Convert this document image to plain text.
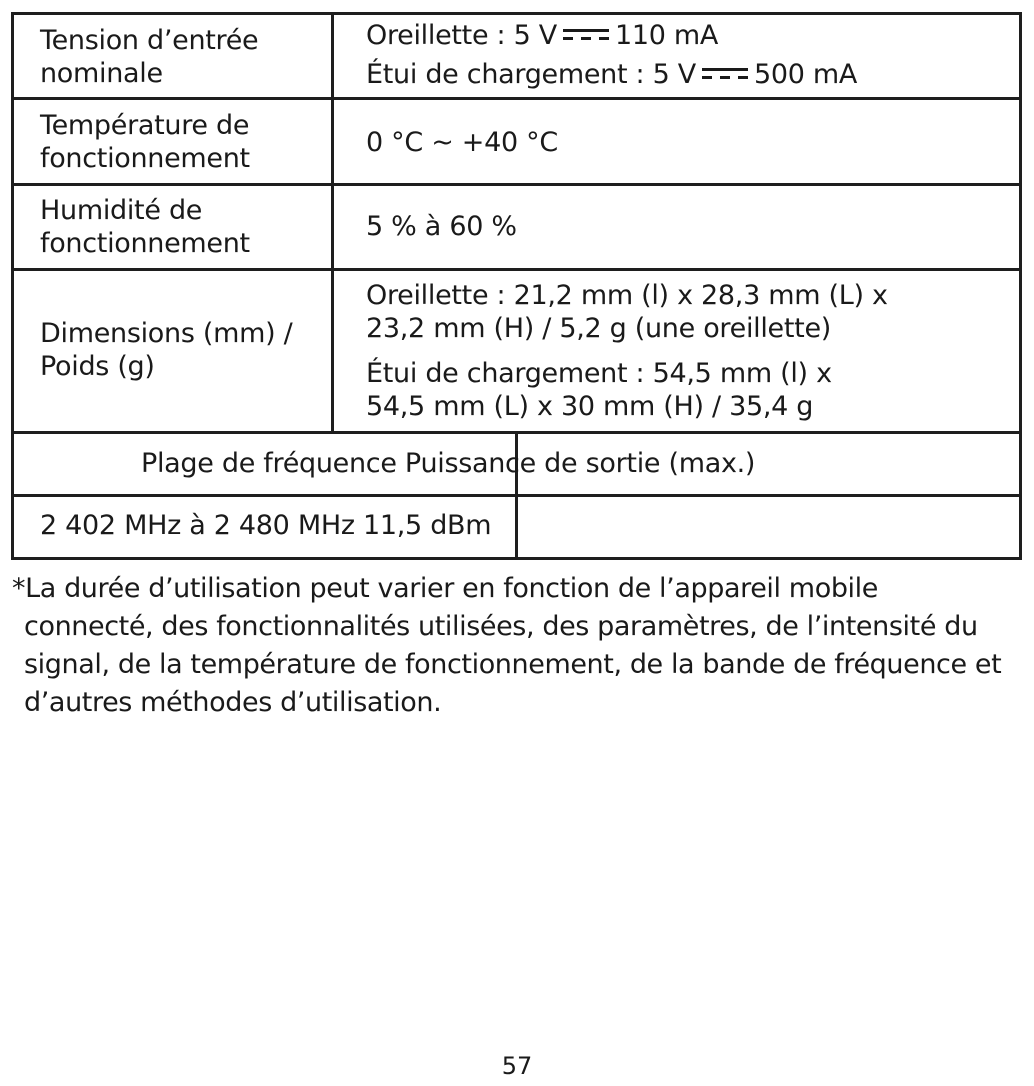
Tension d’entrée
nominale
Oreillette : 5 V 110 mA
Étui de chargement : 5 V 500 mA
Température de
fonctionnement
0 °C ~ +40 °C
Humidité de
fonctionnement
5 % à 60 %
Dimensions (mm) /
Poids (g)
Oreillette : 21,2 mm (l) x 28,3 mm (L) x
23,2 mm (H) / 5,2 g (une oreillette)
Étui de chargement : 54,5 mm (l) x
54,5 mm (L) x 30 mm (H) / 35,4 g
Plage de fréquence Puissance de sortie (max.)
2 402 MHz à 2 480 MHz 11,5 dBm
*La durée d’utilisation peut varier en fonction de l’appareil mobile
connecté, des fonctionnalités utilisées, des paramètres, de l’intensité du signal, de la température de fonctionnement, de la bande de fréquence et d’autres méthodes d’utilisation.
57
